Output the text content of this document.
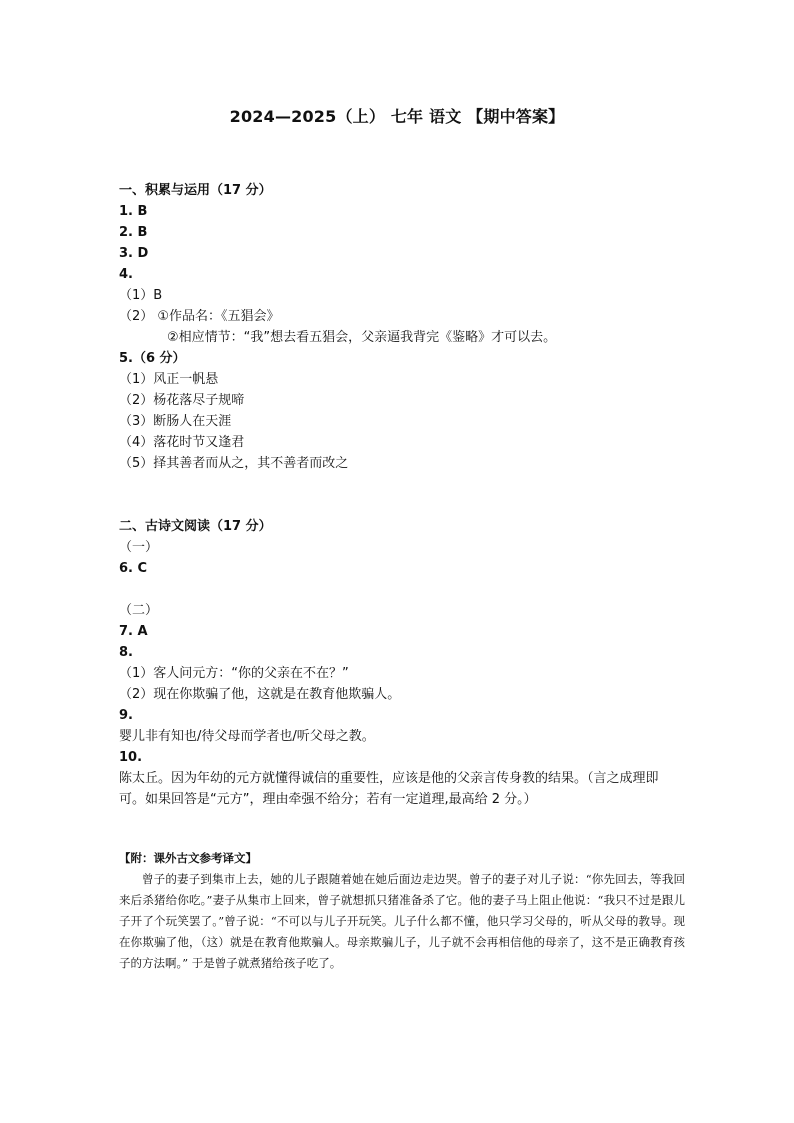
2024—2025（上） 七年 语文 【期中答案】
一、积累与运用（17 分）
1. B
2. B
3. D
4.
（1）B
（2） ①作品名：《五猖会》
②相应情节：“我”想去看五猖会，父亲逼我背完《鉴略》才可以去。
5.（6 分）
（1）风正一帆悬
（2）杨花落尽子规啼
（3）断肠人在天涯
（4）落花时节又逢君
（5）择其善者而从之，其不善者而改之
二、古诗文阅读（17 分）
（一）
6. C
（二）
7. A
8.
（1）客人问元方：“你的父亲在不在？”
（2）现在你欺骗了他，这就是在教育他欺骗人。
9.
婴儿非有知也/待父母而学者也/听父母之教。
10.
陈太丘。因为年幼的元方就懂得诚信的重要性，应该是他的父亲言传身教的结果。（言之成理即可。如果回答是“元方”，理由牵强不给分；若有一定道理,最高给 2 分。）
【附：课外古文参考译文】

曾子的妻子到集市上去，她的儿子跟随着她在她后面边走边哭。曾子的妻子对儿子说：“你先回去，等我回来后杀猪给你吃。”妻子从集市上回来，曾子就想抓只猪准备杀了它。他的妻子马上阻止他说：“我只不过是跟儿子开了个玩笑罢了。”曾子说：“不可以与儿子开玩笑。儿子什么都不懂，他只学习父母的，听从父母的教导。现在你欺骗了他，（这）就是在教育他欺骗人。母亲欺骗儿子，儿子就不会再相信他的母亲了，这不是正确教育孩子的方法啊。” 于是曾子就煮猪给孩子吃了。
